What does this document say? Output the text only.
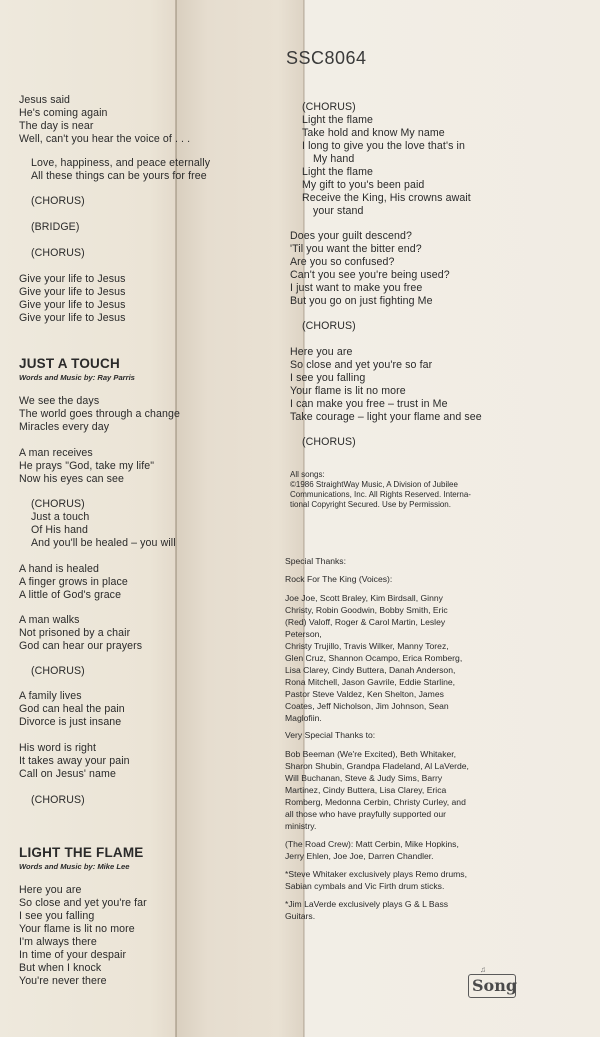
SSC8064
Jesus said
He's coming again
The day is near
Well, can't you hear the voice of . . .
Love, happiness, and peace eternally
All these things can be yours for free
(CHORUS)
(BRIDGE)
(CHORUS)
Give your life to Jesus
Give your life to Jesus
Give your life to Jesus
Give your life to Jesus
JUST A TOUCH
Words and Music by: Ray Parris
We see the days
The world goes through a change
Miracles every day
A man receives
He prays "God, take my life"
Now his eyes can see
(CHORUS)
Just a touch
Of His hand
And you'll be healed – you will
A hand is healed
A finger grows in place
A little of God's grace
A man walks
Not prisoned by a chair
God can hear our prayers
(CHORUS)
A family lives
God can heal the pain
Divorce is just insane
His word is right
It takes away your pain
Call on Jesus' name
(CHORUS)
LIGHT THE FLAME
Words and Music by: Mike Lee
Here you are
So close and yet you're far
I see you falling
Your flame is lit no more
I'm always there
In time of your despair
But when I knock
You're never there
(CHORUS)
Light the flame
Take hold and know My name
I long to give you the love that's in
My hand
Light the flame
My gift to you's been paid
Receive the King, His crowns await
your stand
Does your guilt descend?
'Til you want the bitter end?
Are you so confused?
Can't you see you're being used?
I just want to make you free
But you go on just fighting Me
(CHORUS)
Here you are
So close and yet you're so far
I see you falling
Your flame is lit no more
I can make you free – trust in Me
Take courage – light your flame and see
(CHORUS)
All songs:
©1986 StraightWay Music, A Division of Jubilee
Communications, Inc. All Rights Reserved. Interna-
tional Copyright Secured. Use by Permission.
Special Thanks:
Rock For The King (Voices):
Joe Joe, Scott Braley, Kim Birdsall, Ginny
Christy, Robin Goodwin, Bobby Smith, Eric
(Red) Valoff, Roger & Carol Martin, Lesley
Peterson,
Christy Trujillo, Travis Wilker, Manny Torez,
Glen Cruz, Shannon Ocampo, Erica Romberg,
Lisa Clarey, Cindy Buttera, Danah Anderson,
Rona Mitchell, Jason Gavrile, Eddie Starline,
Pastor Steve Valdez, Ken Shelton, James
Coates, Jeff Nicholson, Jim Johnson, Sean
Maglofiin.
Very Special Thanks to:
Bob Beeman (We're Excited), Beth Whitaker,
Sharon Shubin, Grandpa Fladeland, Al LaVerde,
Will Buchanan, Steve & Judy Sims, Barry
Martinez, Cindy Buttera, Lisa Clarey, Erica
Romberg, Medonna Cerbin, Christy Curley, and
all those who have prayfully supported our
ministry.
(The Road Crew): Matt Cerbin, Mike Hopkins,
Jerry Ehlen, Joe Joe, Darren Chandler.
*Steve Whitaker exclusively plays Remo drums,
Sabian cymbals and Vic Firth drum sticks.
*Jim LaVerde exclusively plays G & L Bass
Guitars.
♫
Song
